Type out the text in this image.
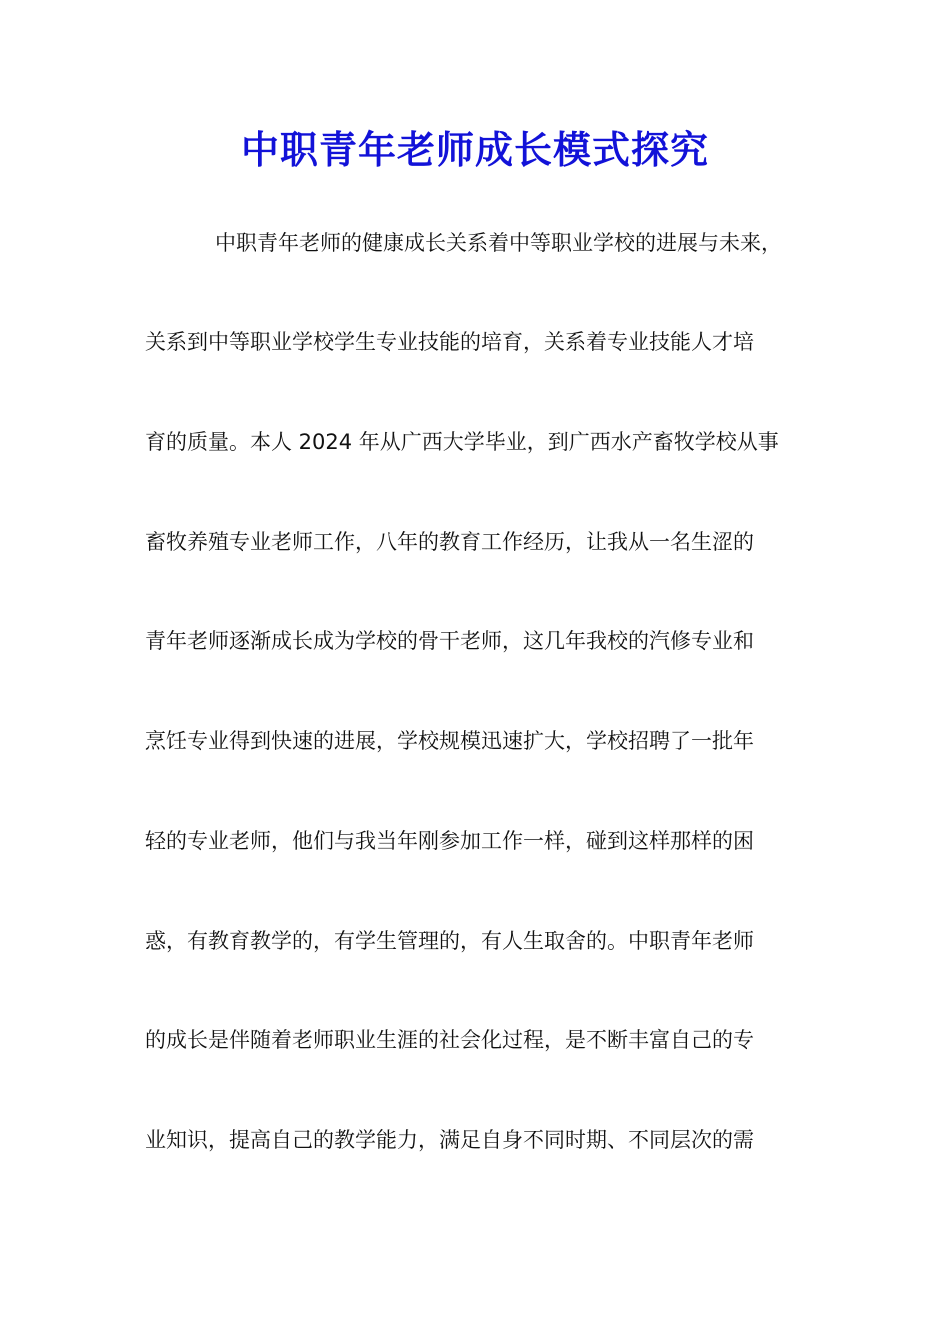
中职青年老师成长模式探究

中职青年老师的健康成长关系着中等职业学校的进展与未来，

关系到中等职业学校学生专业技能的培育，关系着专业技能人才培

育的质量。本人 2024 年从广西大学毕业，到广西水产畜牧学校从事

畜牧养殖专业老师工作，八年的教育工作经历，让我从一名生涩的

青年老师逐渐成长成为学校的骨干老师，这几年我校的汽修专业和

烹饪专业得到快速的进展，学校规模迅速扩大，学校招聘了一批年

轻的专业老师，他们与我当年刚参加工作一样，碰到这样那样的困

惑，有教育教学的，有学生管理的，有人生取舍的。中职青年老师

的成长是伴随着老师职业生涯的社会化过程，是不断丰富自己的专

业知识，提高自己的教学能力，满足自身不同时期、不同层次的需
